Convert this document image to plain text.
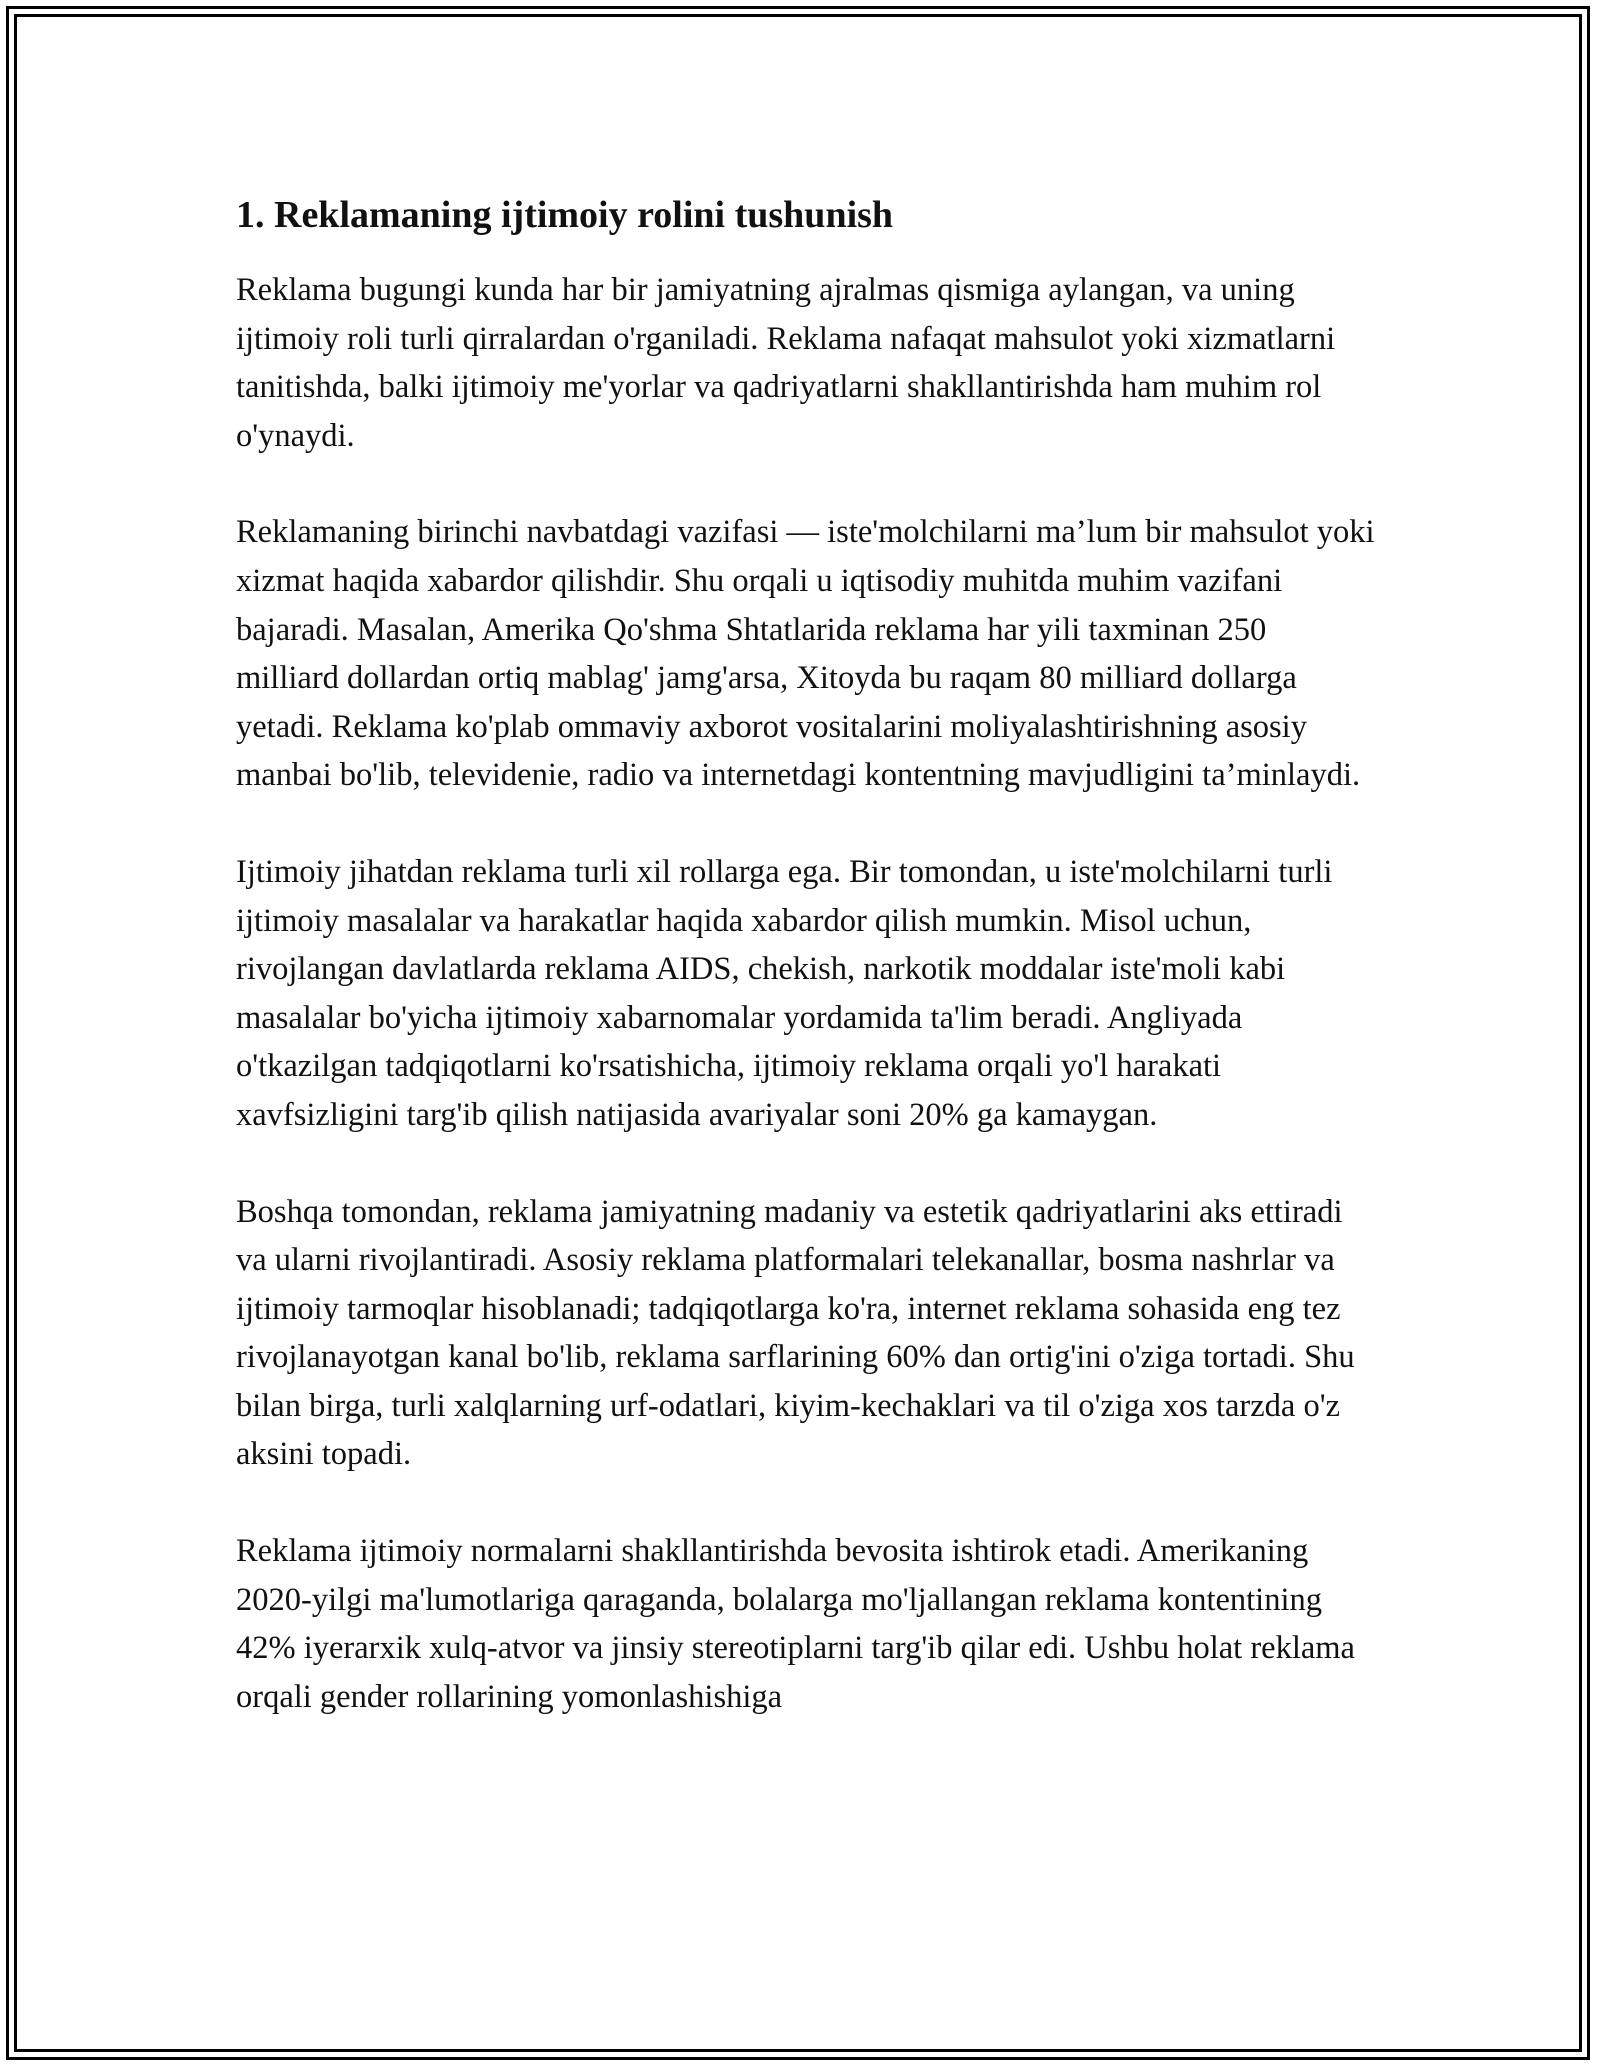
1. Reklamaning ijtimoiy rolini tushunish

Reklama bugungi kunda har bir jamiyatning ajralmas qismiga aylangan, va uning ijtimoiy roli turli qirralardan o'rganiladi. Reklama nafaqat mahsulot yoki xizmatlarni tanitishda, balki ijtimoiy me'yorlar va qadriyatlarni shakllantirishda ham muhim rol o'ynaydi.

Reklamaning birinchi navbatdagi vazifasi — iste'molchilarni ma’lum bir mahsulot yoki xizmat haqida xabardor qilishdir. Shu orqali u iqtisodiy muhitda muhim vazifani bajaradi. Masalan, Amerika Qo'shma Shtatlarida reklama har yili taxminan 250 milliard dollardan ortiq mablag' jamg'arsa, Xitoyda bu raqam 80 milliard dollarga yetadi. Reklama ko'plab ommaviy axborot vositalarini moliyalashtirishning asosiy manbai bo'lib, televidenie, radio va internetdagi kontentning mavjudligini ta’minlaydi.

Ijtimoiy jihatdan reklama turli xil rollarga ega. Bir tomondan, u iste'molchilarni turli ijtimoiy masalalar va harakatlar haqida xabardor qilish mumkin. Misol uchun, rivojlangan davlatlarda reklama AIDS, chekish, narkotik moddalar iste'moli kabi masalalar bo'yicha ijtimoiy xabarnomalar yordamida ta'lim beradi. Angliyada o'tkazilgan tadqiqotlarni ko'rsatishicha, ijtimoiy reklama orqali yo'l harakati xavfsizligini targ'ib qilish natijasida avariyalar soni 20% ga kamaygan.

Boshqa tomondan, reklama jamiyatning madaniy va estetik qadriyatlarini aks ettiradi va ularni rivojlantiradi. Asosiy reklama platformalari telekanallar, bosma nashrlar va ijtimoiy tarmoqlar hisoblanadi; tadqiqotlarga ko'ra, internet reklama sohasida eng tez rivojlanayotgan kanal bo'lib, reklama sarflarining 60% dan ortig'ini o'ziga tortadi. Shu bilan birga, turli xalqlarning urf-odatlari, kiyim-kechaklari va til o'ziga xos tarzda o'z aksini topadi.

Reklama ijtimoiy normalarni shakllantirishda bevosita ishtirok etadi. Amerikaning 2020-yilgi ma'lumotlariga qaraganda, bolalarga mo'ljallangan reklama kontentining 42% iyerarxik xulq-atvor va jinsiy stereotiplarni targ'ib qilar edi. Ushbu holat reklama orqali gender rollarining yomonlashishiga
